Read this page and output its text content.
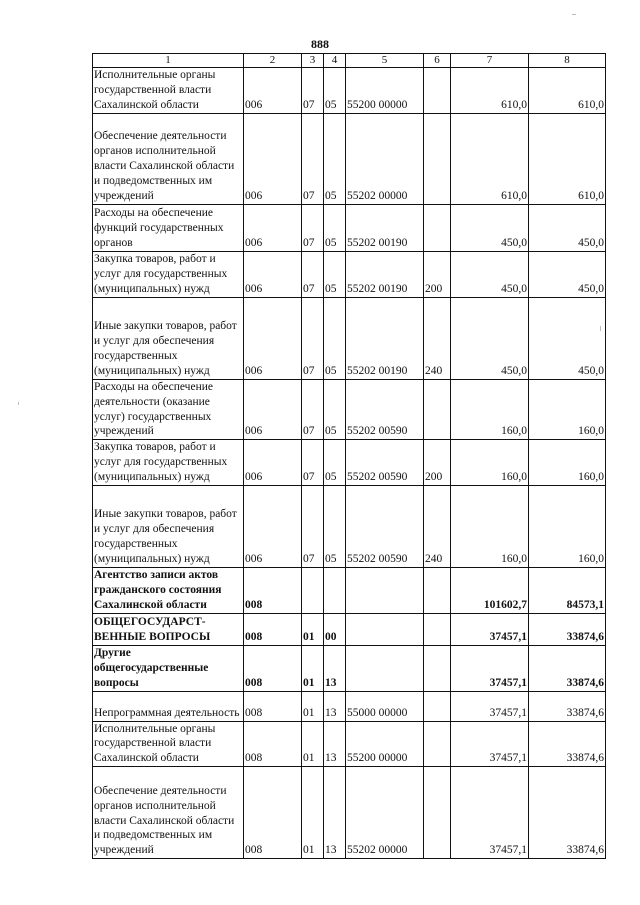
888
1	2	3	4	5	6	7	8
Исполнительные органы государственной власти Сахалинской области	006	07	05	55200 00000		610,0	610,0
Обеспечение деятельности органов исполнительной власти Сахалинской области и подведомственных им учреждений	006	07	05	55202 00000		610,0	610,0
Расходы на обеспечение функций государственных органов	006	07	05	55202 00190		450,0	450,0
Закупка товаров, работ и услуг для государственных (муниципальных) нужд	006	07	05	55202 00190	200	450,0	450,0
Иные закупки товаров, работ и услуг для обеспечения государственных (муниципальных) нужд	006	07	05	55202 00190	240	450,0	450,0
Расходы на обеспечение деятельности (оказание услуг) государственных учреждений	006	07	05	55202 00590		160,0	160,0
Закупка товаров, работ и услуг для государственных (муниципальных) нужд	006	07	05	55202 00590	200	160,0	160,0
Иные закупки товаров, работ и услуг для обеспечения государственных (муниципальных) нужд	006	07	05	55202 00590	240	160,0	160,0
Агентство записи актов гражданского состояния Сахалинской области	008					101602,7	84573,1
ОБЩЕГОСУДАРСТ-ВЕННЫЕ ВОПРОСЫ	008	01	00			37457,1	33874,6
Другие общегосударственные вопросы	008	01	13			37457,1	33874,6
Непрограммная деятельность	008	01	13	55000 00000		37457,1	33874,6
Исполнительные органы государственной власти Сахалинской области	008	01	13	55200 00000		37457,1	33874,6
Обеспечение деятельности органов исполнительной власти Сахалинской области и подведомственных им учреждений	008	01	13	55202 00000		37457,1	33874,6
